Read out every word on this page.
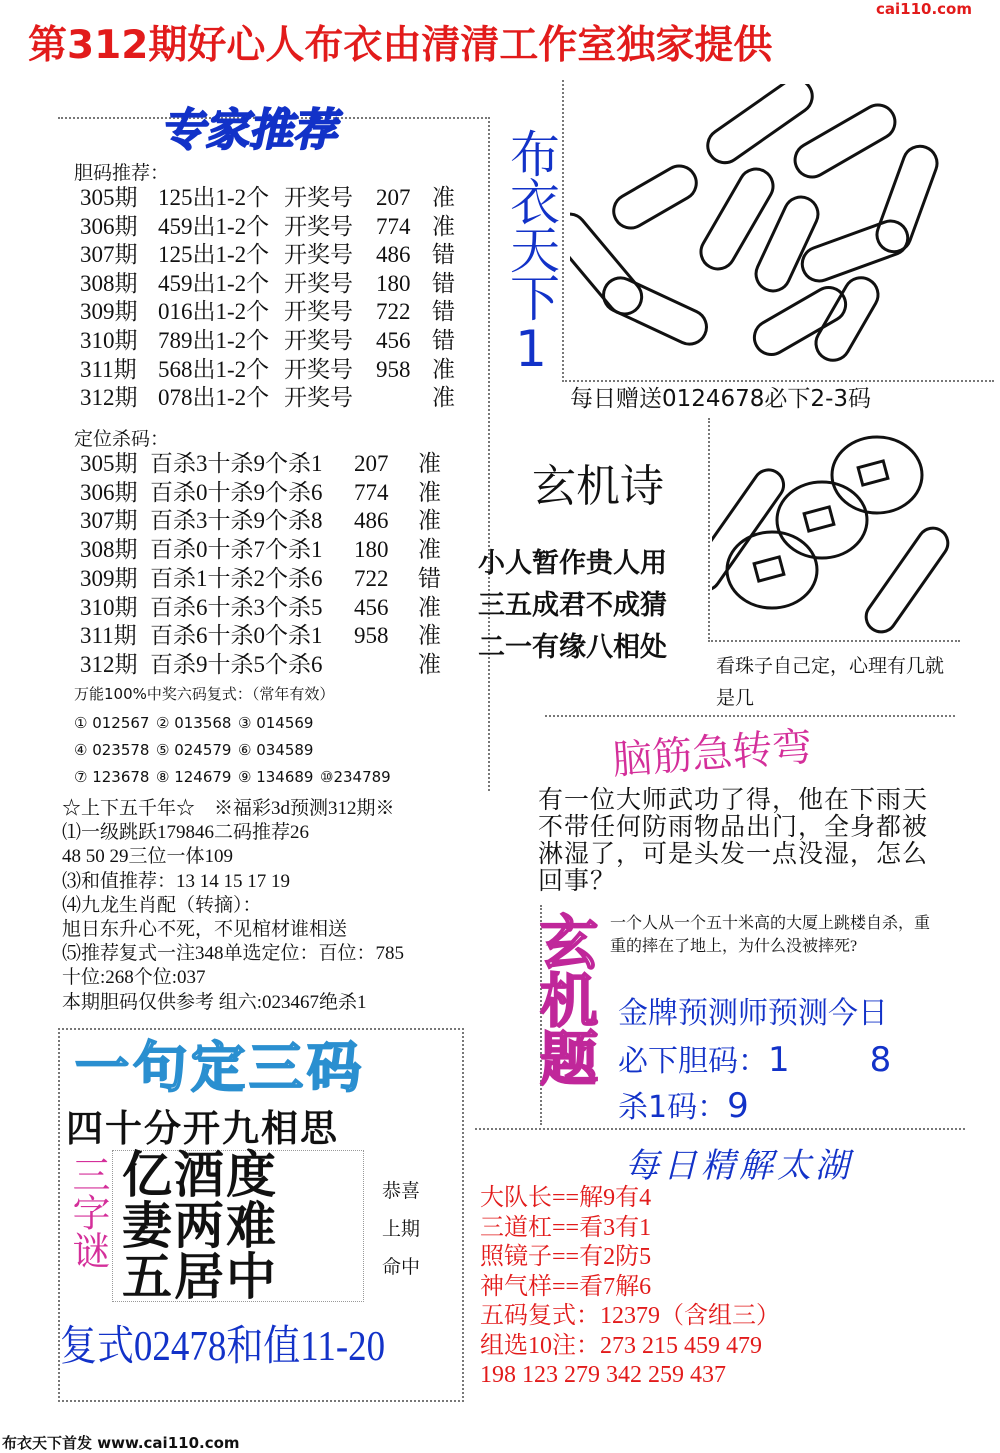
cai110.com
第312期好心人布衣由清清工作室独家提供
专家推荐
胆码推荐：
305期 125出1-2个 开奖号	207 准
306期 459出1-2个 开奖号	774 准
307期 125出1-2个 开奖号	486 错
308期 459出1-2个 开奖号	180 错
309期 016出1-2个 开奖号	722 错
310期 789出1-2个 开奖号	456 错
311期 568出1-2个 开奖号	958 准
312期 078出1-2个 开奖号	准
定位杀码：
305期 百杀3十杀9个杀1	207	准
306期 百杀0十杀9个杀6	774	准
307期 百杀3十杀9个杀8	486	准
308期 百杀0十杀7个杀1	180	准
309期 百杀1十杀2个杀6	722	错
310期 百杀6十杀3个杀5	456	准
311期 百杀6十杀0个杀1	958	准
312期 百杀9十杀5个杀6	准
万能100%中奖六码复式：（常年有效）
① 012567 ② 013568 ③ 014569
④ 023578 ⑤ 024579 ⑥ 034589
⑦ 123678 ⑧ 124679 ⑨ 134689 ⑩234789
☆上下五千年☆　※福彩3d预测312期※
⑴一级跳跃179846二码推荐26
48 50 29三位一体109
⑶和值推荐：13 14 15 17 19
⑷九龙生肖配（转摘）：
旭日东升心不死，不见棺材谁相送
⑸推荐复式一注348单选定位：百位：785
十位:268个位:037
本期胆码仅供参考 组六:023467绝杀1
布衣天下1
每日赠送0124678必下2-3码
玄机诗
小人暂作贵人用
三五成君不成猜
二一有缘八相处
看珠子自己定，心理有几就是几
脑筋急转弯
有一位大师武功了得，他在下雨天不带任何防雨物品出门，全身都被淋湿了，可是头发一点没湿，怎么回事？
玄机题 一个人从一个五十米高的大厦上跳楼自杀，重重的摔在了地上，为什么没被摔死?
金牌预测师预测今日
必下胆码：1 8
杀1码：9
每日精解太湖
大队长==解9有4
三道杠==看3有1
照镜子==有2防5
神气样==看7解6
五码复式：12379（含组三）
组选10注：273 215 459 479
198 123 279 342 259 437
一句定三码
四十分开九相思
三字谜 亿酒度
妻两难
五居中
恭喜
上期
命中
复式02478和值11-20
布衣天下首发 www.cai110.com
